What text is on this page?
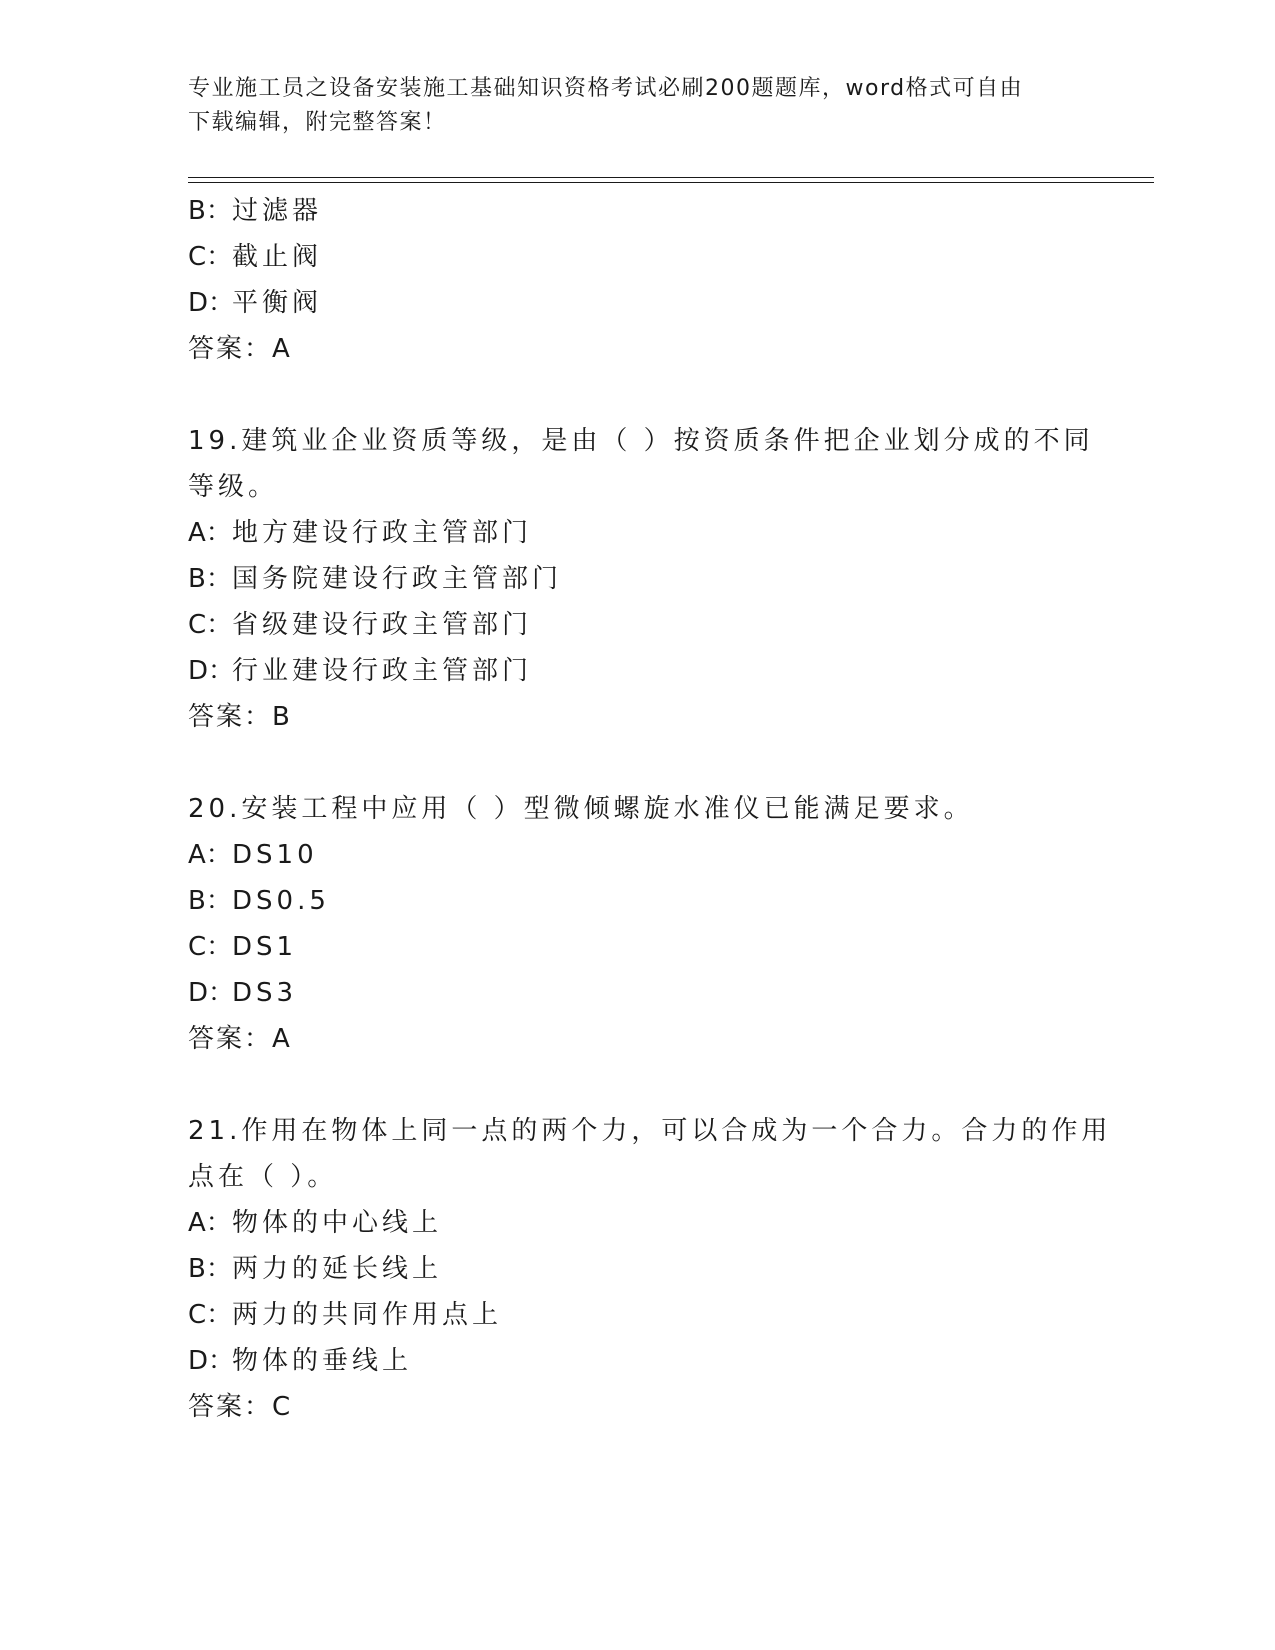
专业施工员之设备安装施工基础知识资格考试必刷200题题库，word格式可自由
下载编辑，附完整答案！
B：过滤器
C：截止阀
D：平衡阀
答案：A
19.建筑业企业资质等级，是由（ ）按资质条件把企业划分成的不同
等级。
A：地方建设行政主管部门
B：国务院建设行政主管部门
C：省级建设行政主管部门
D：行业建设行政主管部门
答案：B
20.安装工程中应用（ ）型微倾螺旋水准仪已能满足要求。
A：DS10
B：DS0.5
C：DS1
D：DS3
答案：A
21.作用在物体上同一点的两个力，可以合成为一个合力。合力的作用
点在（ ）。
A：物体的中心线上
B：两力的延长线上
C：两力的共同作用点上
D：物体的垂线上
答案：C
